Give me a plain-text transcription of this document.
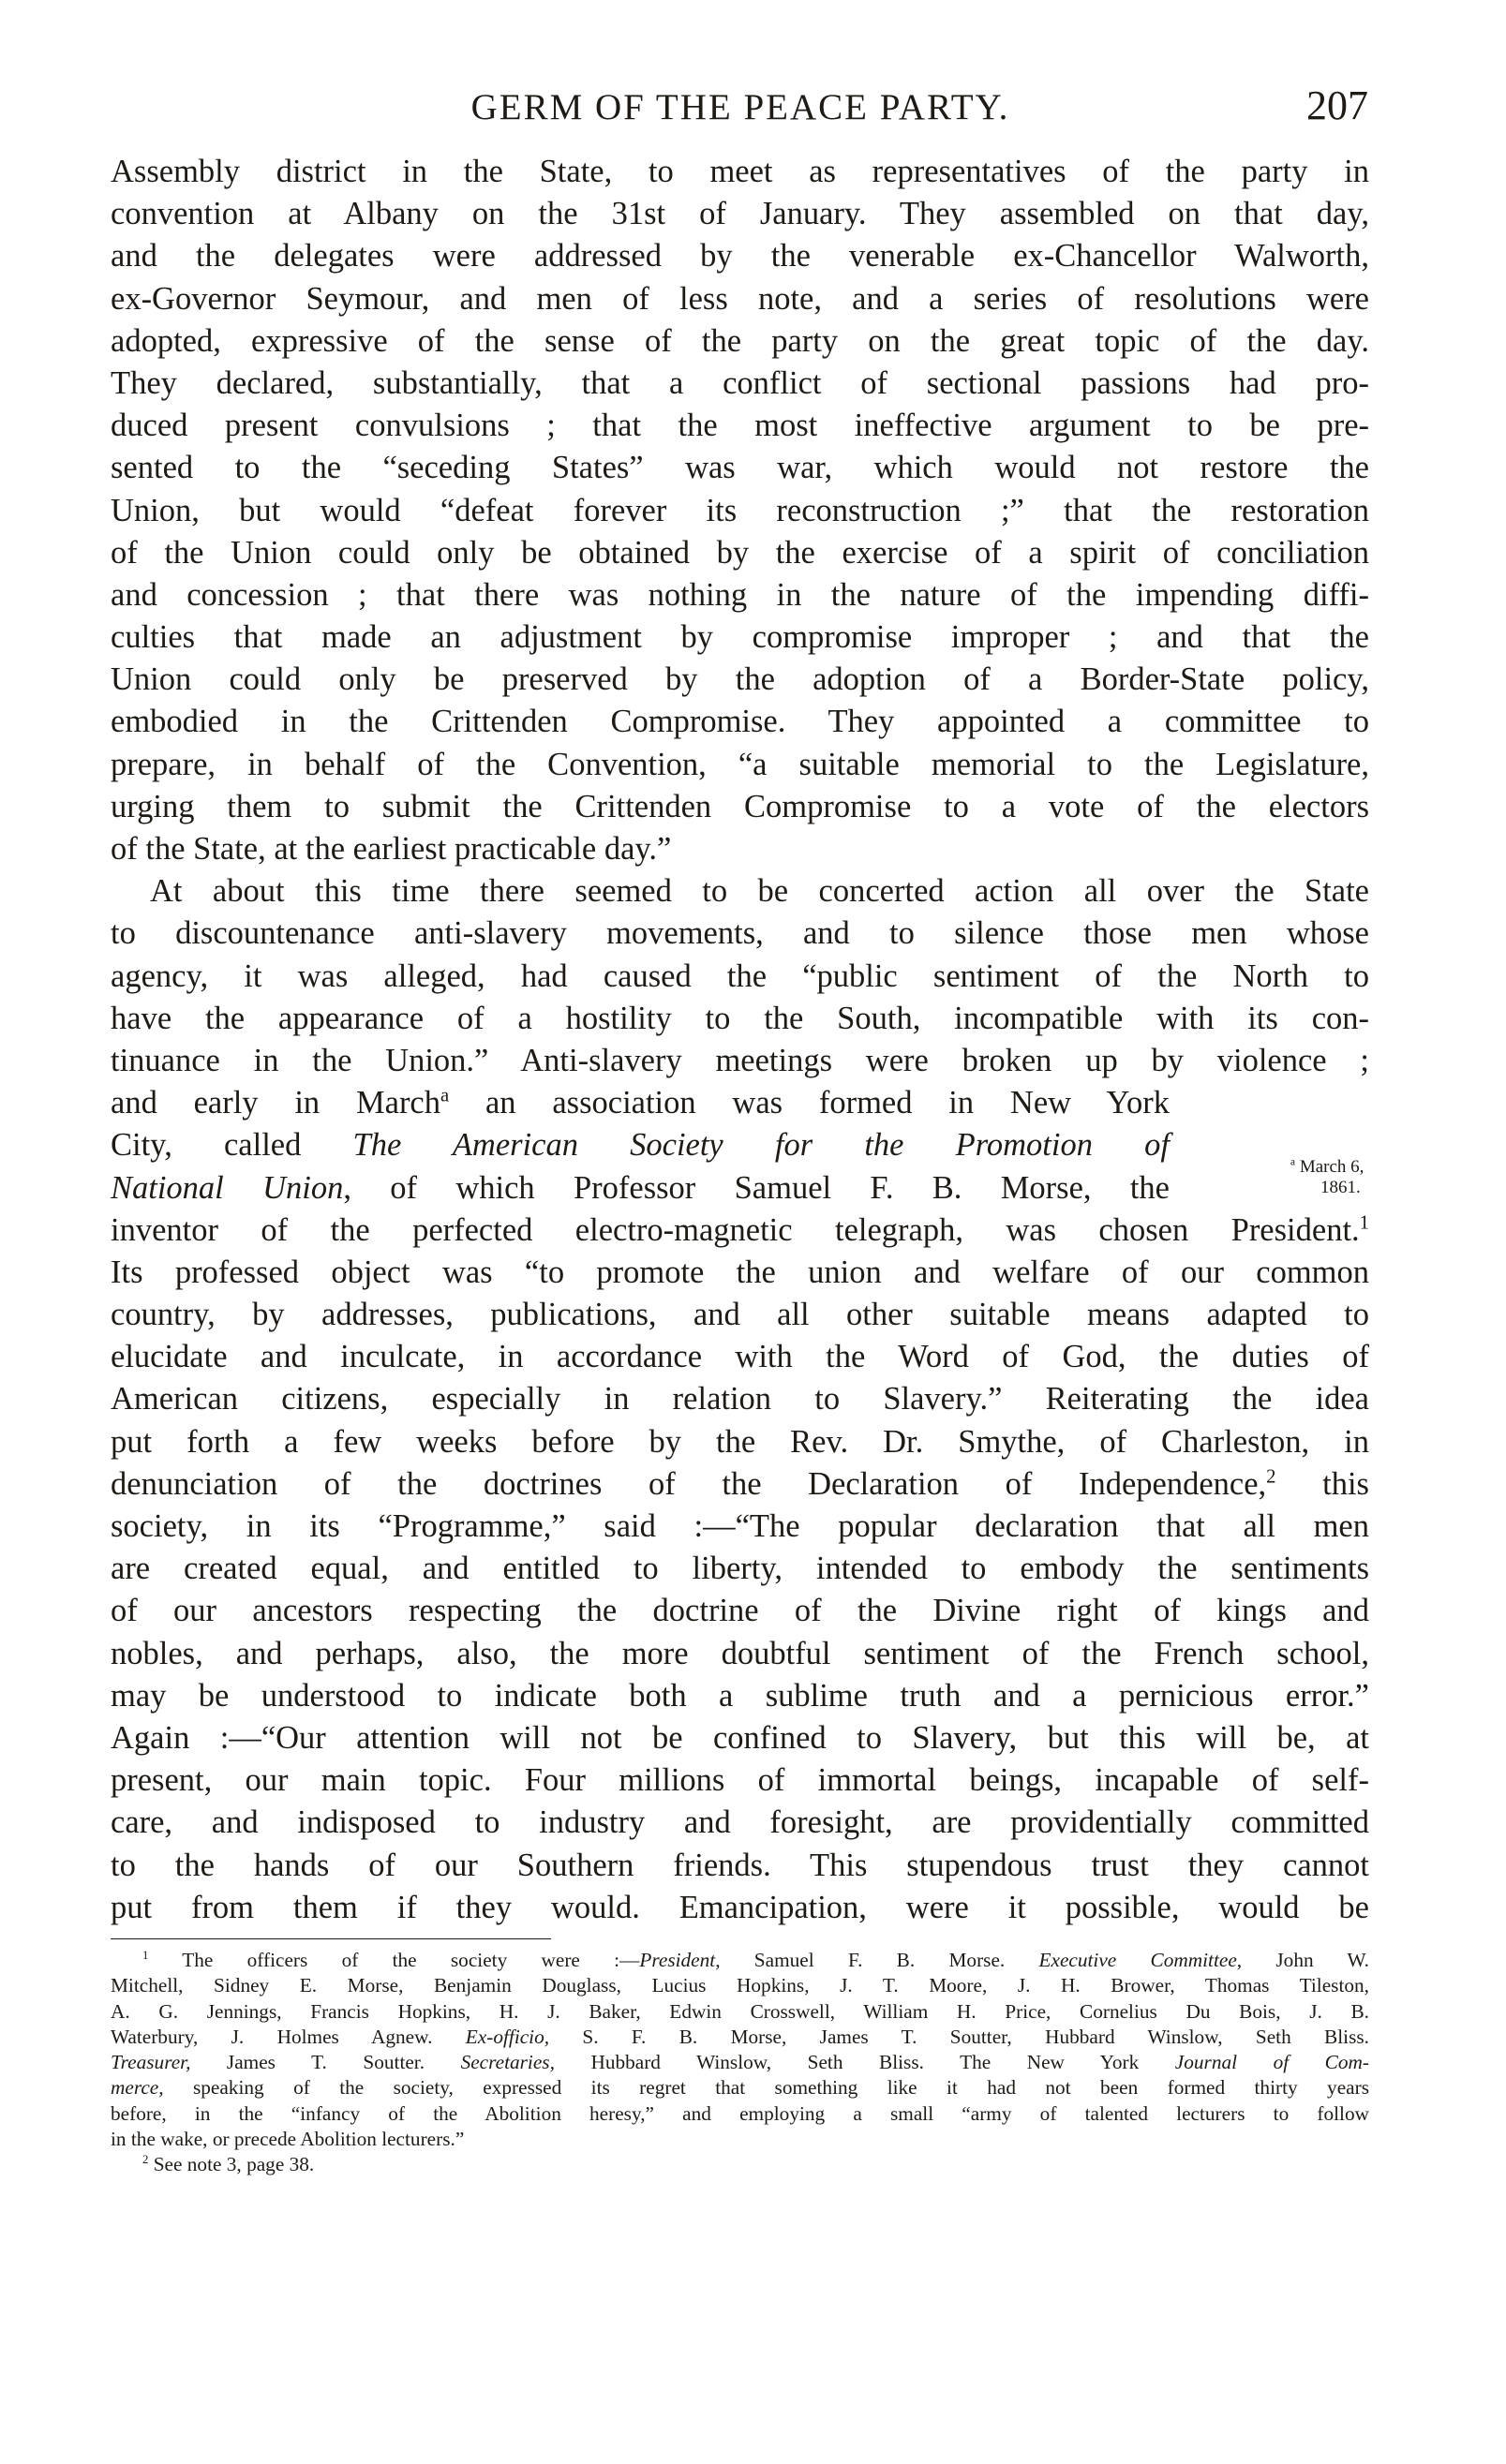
GERM OF THE PEACE PARTY.	207
Assembly district in the State, to meet as representatives of the party in
convention at Albany on the 31st of January. They assembled on that day,
and the delegates were addressed by the venerable ex-Chancellor Walworth,
ex-Governor Seymour, and men of less note, and a series of resolutions were
adopted, expressive of the sense of the party on the great topic of the day.
They declared, substantially, that a conflict of sectional passions had pro-
duced present convulsions ; that the most ineffective argument to be pre-
sented to the “seceding States” was war, which would not restore the
Union, but would “defeat forever its reconstruction ;” that the restoration
of the Union could only be obtained by the exercise of a spirit of conciliation
and concession ; that there was nothing in the nature of the impending diffi-
culties that made an adjustment by compromise improper ; and that the
Union could only be preserved by the adoption of a Border-State policy,
embodied in the Crittenden Compromise. They appointed a committee to
prepare, in behalf of the Convention, “a suitable memorial to the Legislature,
urging them to submit the Crittenden Compromise to a vote of the electors
of the State, at the earliest practicable day.”
At about this time there seemed to be concerted action all over the State
to discountenance anti-slavery movements, and to silence those men whose
agency, it was alleged, had caused the “public sentiment of the North to
have the appearance of a hostility to the South, incompatible with its con-
tinuance in the Union.” Anti-slavery meetings were broken up by violence ;
and early in March$^a$ an association was formed in New York
City, called The American Society for the Promotion of
National Union, of which Professor Samuel F. B. Morse, the
inventor of the perfected electro-magnetic telegraph, was chosen President.$^1$
Its professed object was “to promote the union and welfare of our common
country, by addresses, publications, and all other suitable means adapted to
elucidate and inculcate, in accordance with the Word of God, the duties of
American citizens, especially in relation to Slavery.” Reiterating the idea
put forth a few weeks before by the Rev. Dr. Smythe, of Charleston, in
denunciation of the doctrines of the Declaration of Independence,$^2$ this
society, in its “Programme,” said :—“The popular declaration that all men
are created equal, and entitled to liberty, intended to embody the sentiments
of our ancestors respecting the doctrine of the Divine right of kings and
nobles, and perhaps, also, the more doubtful sentiment of the French school,
may be understood to indicate both a sublime truth and a pernicious error.”
Again :—“Our attention will not be confined to Slavery, but this will be, at
present, our main topic. Four millions of immortal beings, incapable of self-
care, and indisposed to industry and foresight, are providentially committed
to the hands of our Southern friends. This stupendous trust they cannot
put from them if they would. Emancipation, were it possible, would be
$^a$ March 6,
1861.
$^1$ The officers of the society were :—President, Samuel F. B. Morse. Executive Committee, John W.
Mitchell, Sidney E. Morse, Benjamin Douglass, Lucius Hopkins, J. T. Moore, J. H. Brower, Thomas Tileston,
A. G. Jennings, Francis Hopkins, H. J. Baker, Edwin Crosswell, William H. Price, Cornelius Du Bois, J. B.
Waterbury, J. Holmes Agnew. Ex-officio, S. F. B. Morse, James T. Soutter, Hubbard Winslow, Seth Bliss.
Treasurer, James T. Soutter. Secretaries, Hubbard Winslow, Seth Bliss. The New York Journal of Com-
merce, speaking of the society, expressed its regret that something like it had not been formed thirty years
before, in the “infancy of the Abolition heresy,” and employing a small “army of talented lecturers to follow
in the wake, or precede Abolition lecturers.”
$^2$ See note 3, page 38.
